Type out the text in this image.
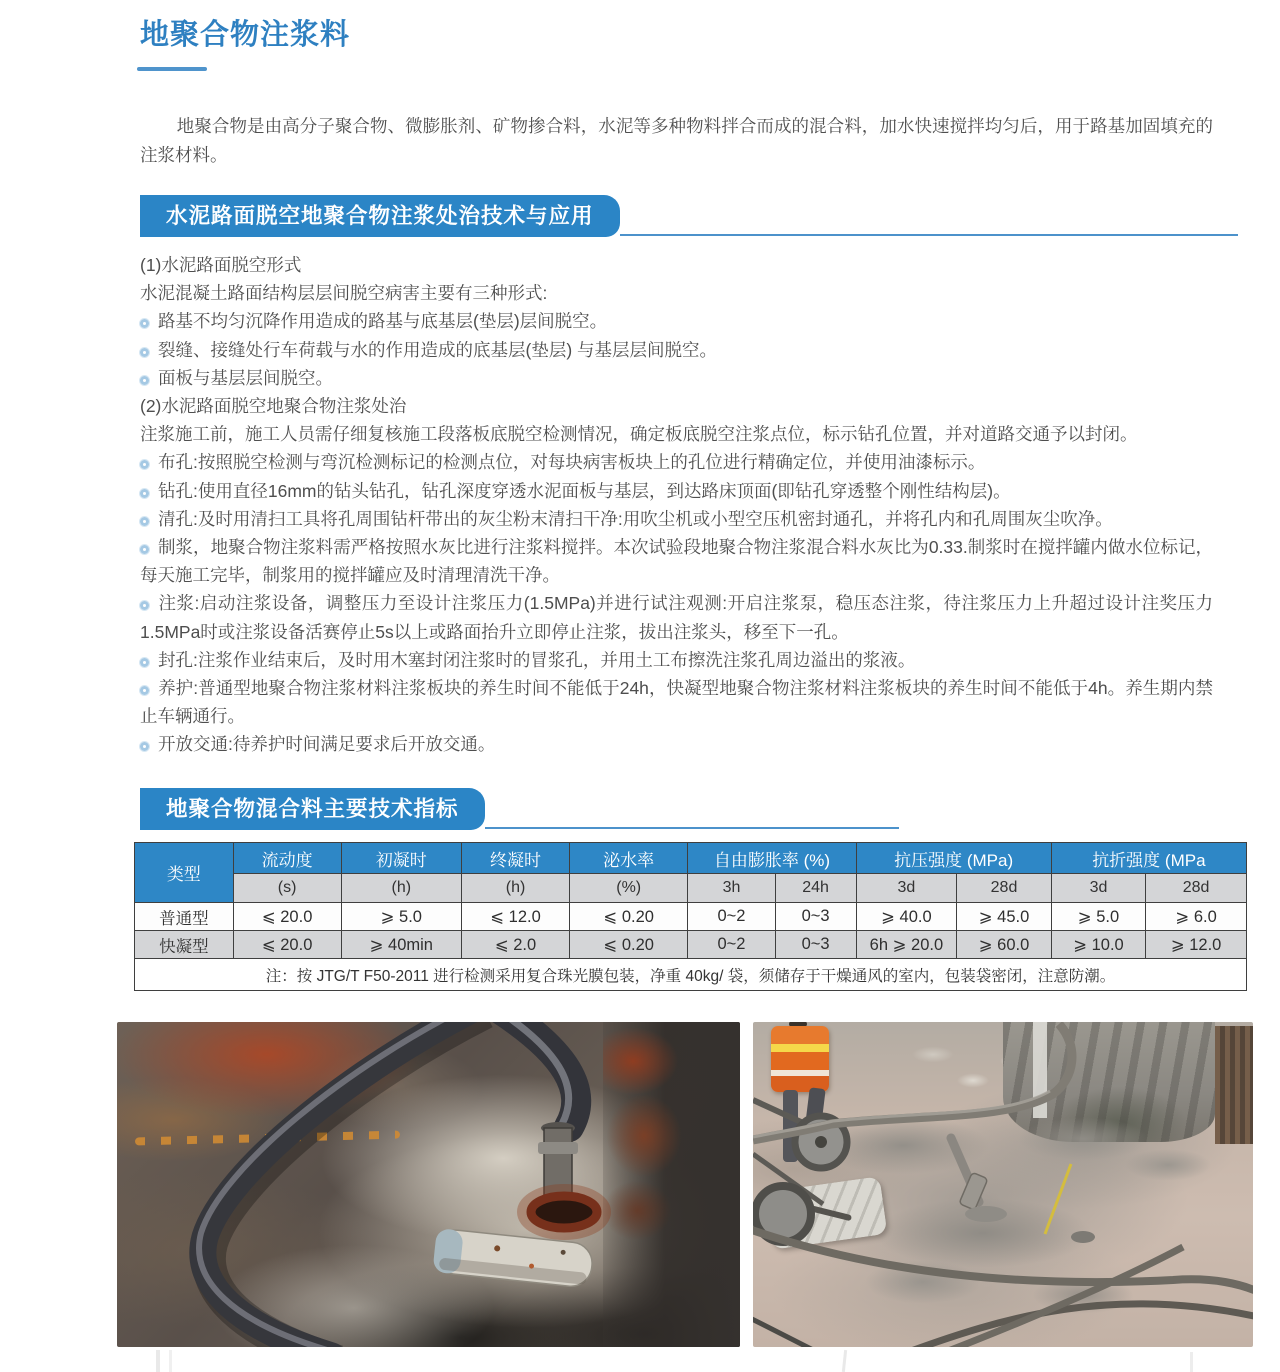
地聚合物注浆料

地聚合物是由高分子聚合物、微膨胀剂、矿物掺合料，水泥等多种物料拌合而成的混合料，加水快速搅拌均匀后，用于路基加固填充的注浆材料。

水泥路面脱空地聚合物注浆处治技术与应用

(1)水泥路面脱空形式

水泥混凝土路面结构层层间脱空病害主要有三种形式:

路基不均匀沉降作用造成的路基与底基层(垫层)层间脱空。

裂缝、接缝处行车荷载与水的作用造成的底基层(垫层) 与基层层间脱空。

面板与基层层间脱空。

(2)水泥路面脱空地聚合物注浆处治

注浆施工前，施工人员需仔细复核施工段落板底脱空检测情况，确定板底脱空注浆点位，标示钻孔位置，并对道路交通予以封闭。

布孔:按照脱空检测与弯沉检测标记的检测点位，对每块病害板块上的孔位进行精确定位，并使用油漆标示。

钻孔:使用直径16mm的钻头钻孔，钻孔深度穿透水泥面板与基层，到达路床顶面(即钻孔穿透整个刚性结构层)。

清孔:及时用清扫工具将孔周围钻杆带出的灰尘粉末清扫干净:用吹尘机或小型空压机密封通孔，并将孔内和孔周围灰尘吹净。

制浆，地聚合物注浆料需严格按照水灰比进行注浆料搅拌。本次试验段地聚合物注浆混合料水灰比为0.33.制浆时在搅拌罐内做水位标记，每天施工完毕，制浆用的搅拌罐应及时清理清洗干净。

注浆:启动注浆设备，调整压力至设计注浆压力(1.5MPa)并进行试注观测:开启注浆泵，稳压态注浆，待注浆压力上升超过设计注奖压力1.5MPa时或注浆设备活赛停止5s以上或路面抬升立即停止注浆，拔出注浆头，移至下一孔。

封孔:注浆作业结束后，及时用木塞封闭注浆时的冒浆孔，并用土工布擦洗注浆孔周边溢出的浆液。

养护:普通型地聚合物注浆材料注浆板块的养生时间不能低于24h，快凝型地聚合物注浆材料注浆板块的养生时间不能低于4h。养生期内禁止车辆通行。

开放交通:待养护时间满足要求后开放交通。

地聚合物混合料主要技术指标
类型	流动度	初凝时	终凝时	泌水率	自由膨胀率 (%)		抗压强度 (MPa)		抗折强度 (MPa	
	(s)	(h)	(h)	(%)	3h	24h	3d	28d	3d	28d
普通型	⩽ 20.0	⩾ 5.0	⩽ 12.0	⩽ 0.20	0~2	0~3	⩾ 40.0	⩾ 45.0	⩾ 5.0	⩾ 6.0
快凝型	⩽ 20.0	⩾ 40min	⩽ 2.0	⩽ 0.20	0~2	0~3	6h ⩾ 20.0	⩾ 60.0	⩾ 10.0	⩾ 12.0
注：按 JTG/T F50-2011 进行检测采用复合珠光膜包装，净重 40kg/ 袋，须储存于干燥通风的室内，包装袋密闭，注意防潮。										
